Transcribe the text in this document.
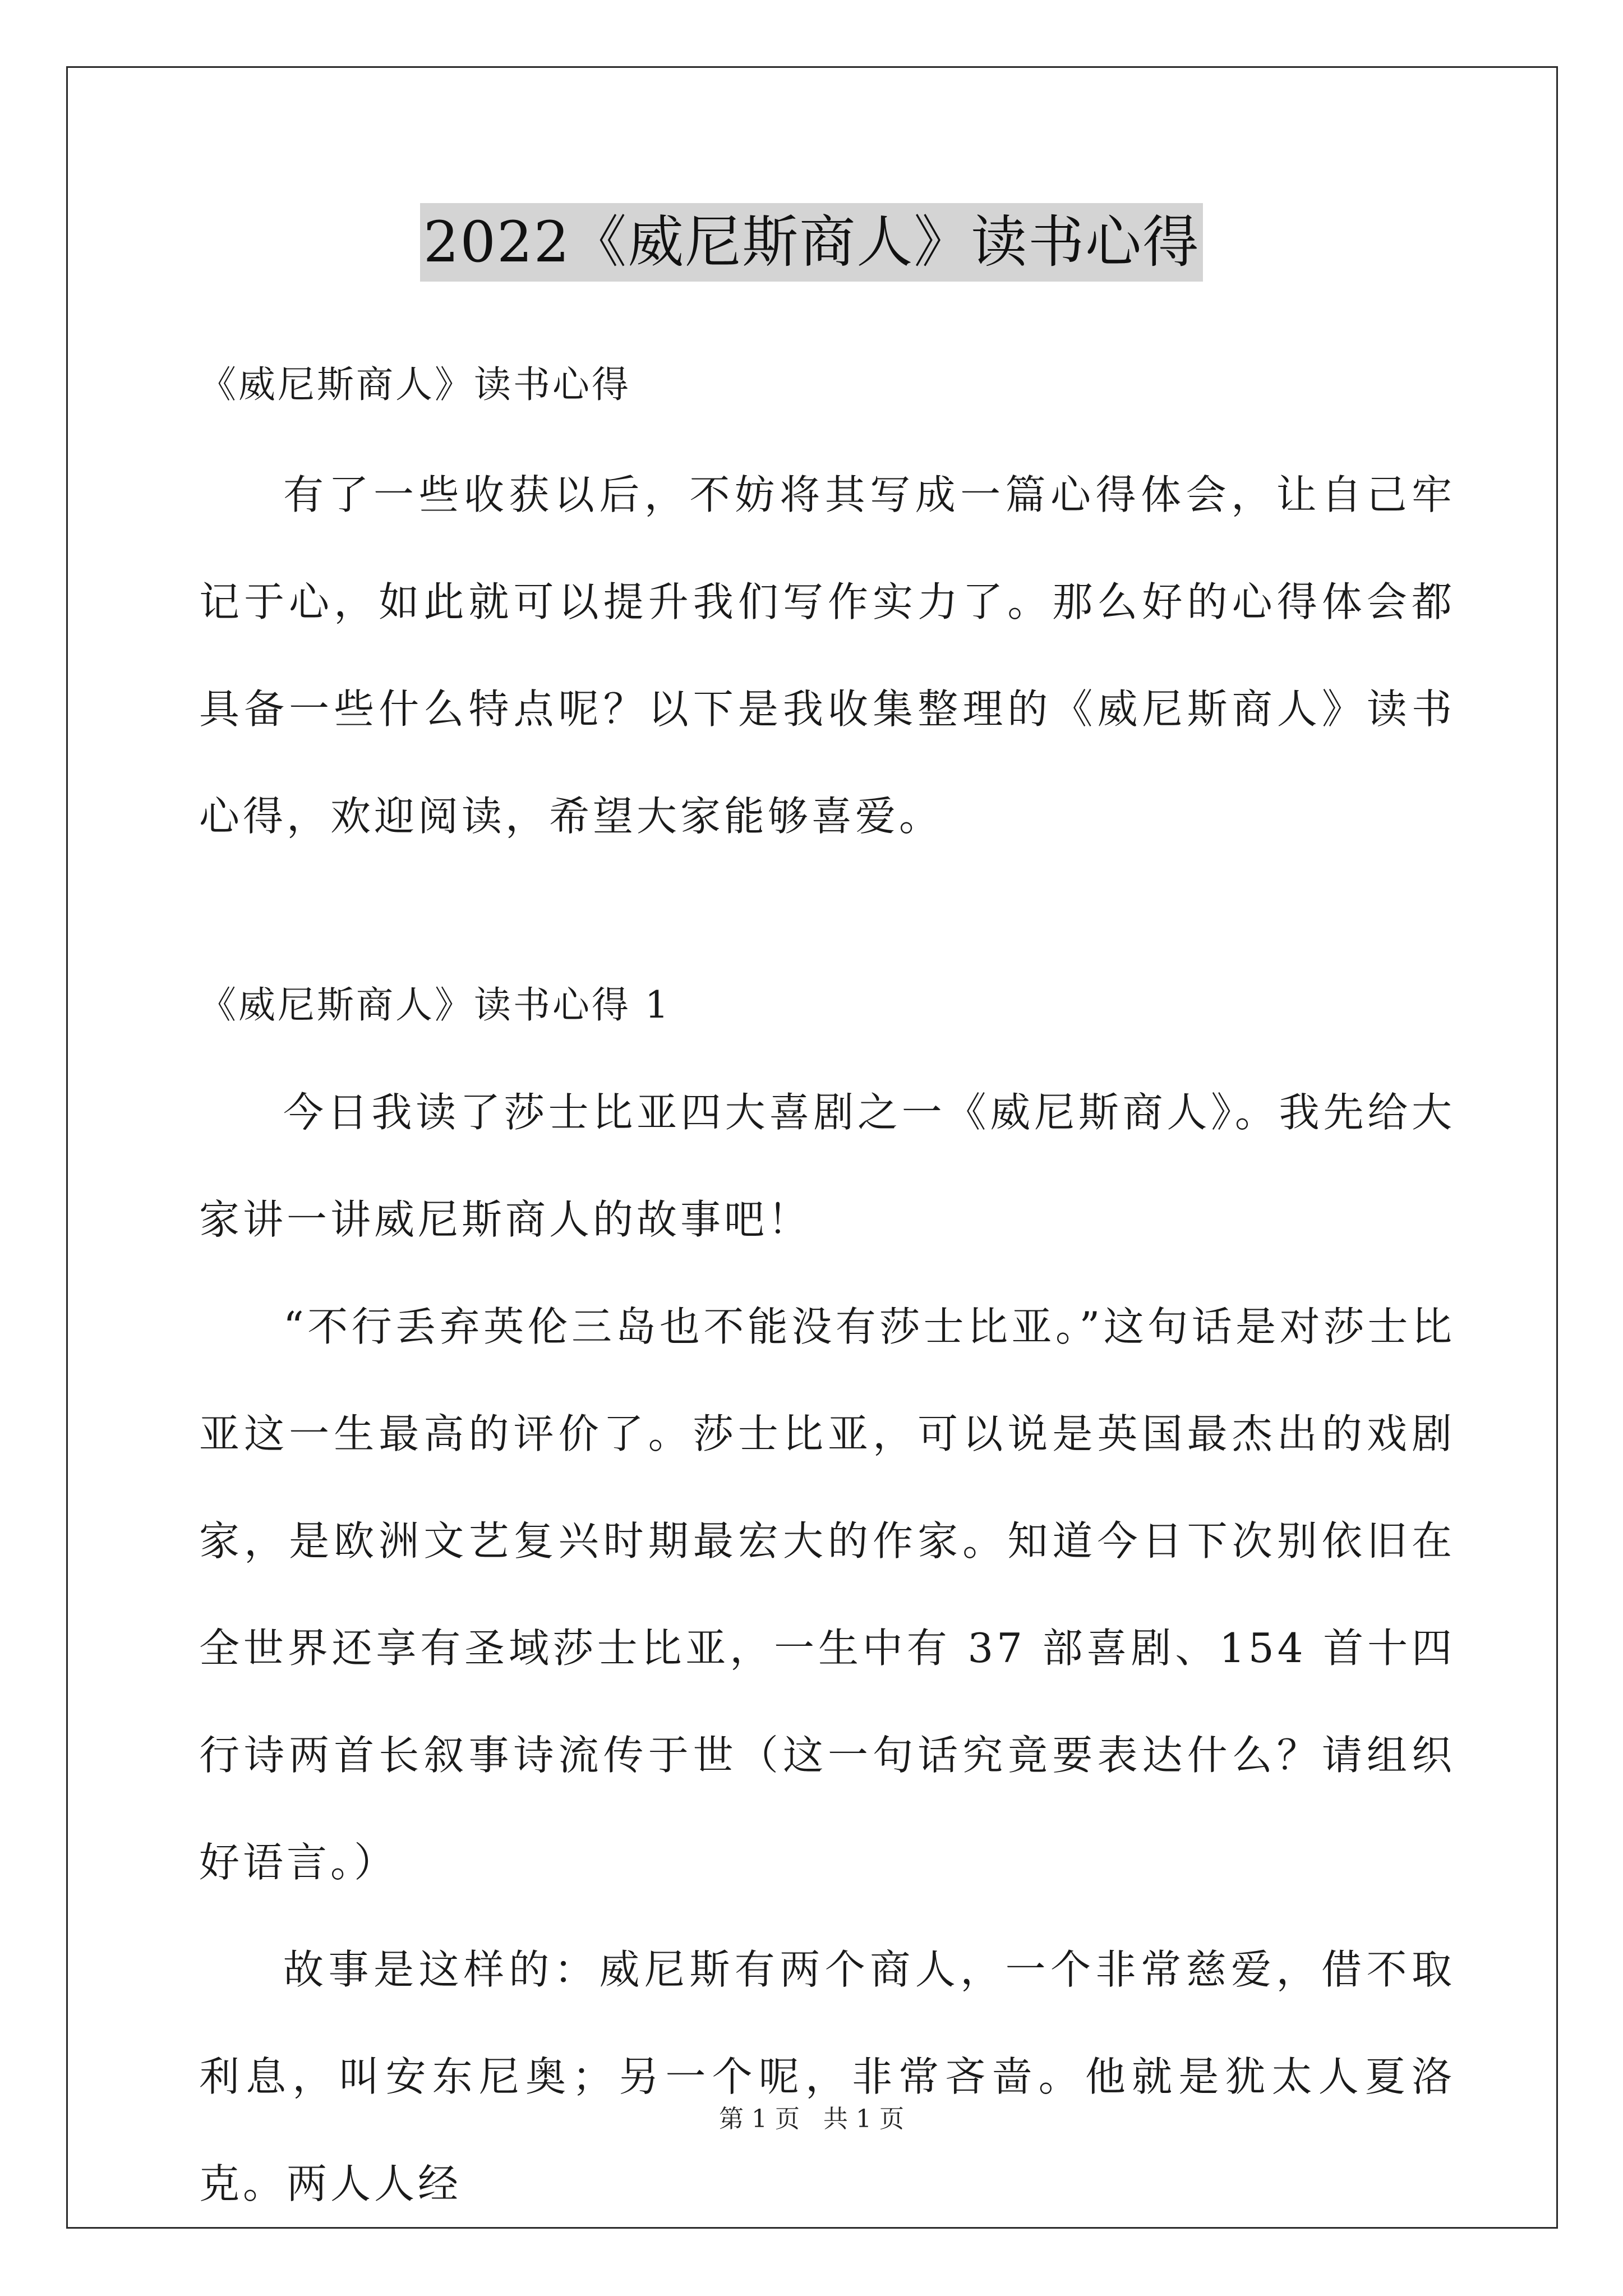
2022《威尼斯商人》读书心得

《威尼斯商人》读书心得

有了一些收获以后，不妨将其写成一篇心得体会，让自己牢记于心，如此就可以提升我们写作实力了。那么好的心得体会都具备一些什么特点呢？以下是我收集整理的《威尼斯商人》读书心得，欢迎阅读，希望大家能够喜爱。

《威尼斯商人》读书心得 1

今日我读了莎士比亚四大喜剧之一《威尼斯商人》。我先给大家讲一讲威尼斯商人的故事吧！

“不行丢弃英伦三岛也不能没有莎士比亚。”这句话是对莎士比亚这一生最高的评价了。莎士比亚，可以说是英国最杰出的戏剧家，是欧洲文艺复兴时期最宏大的作家。知道今日下次别依旧在全世界还享有圣域莎士比亚，一生中有 37 部喜剧、154 首十四行诗两首长叙事诗流传于世（这一句话究竟要表达什么？请组织好语言。）

故事是这样的：威尼斯有两个商人，一个非常慈爱，借不取利息，叫安东尼奥；另一个呢，非常吝啬。他就是犹太人夏洛克。两人人经

第 1 页 共 1 页
